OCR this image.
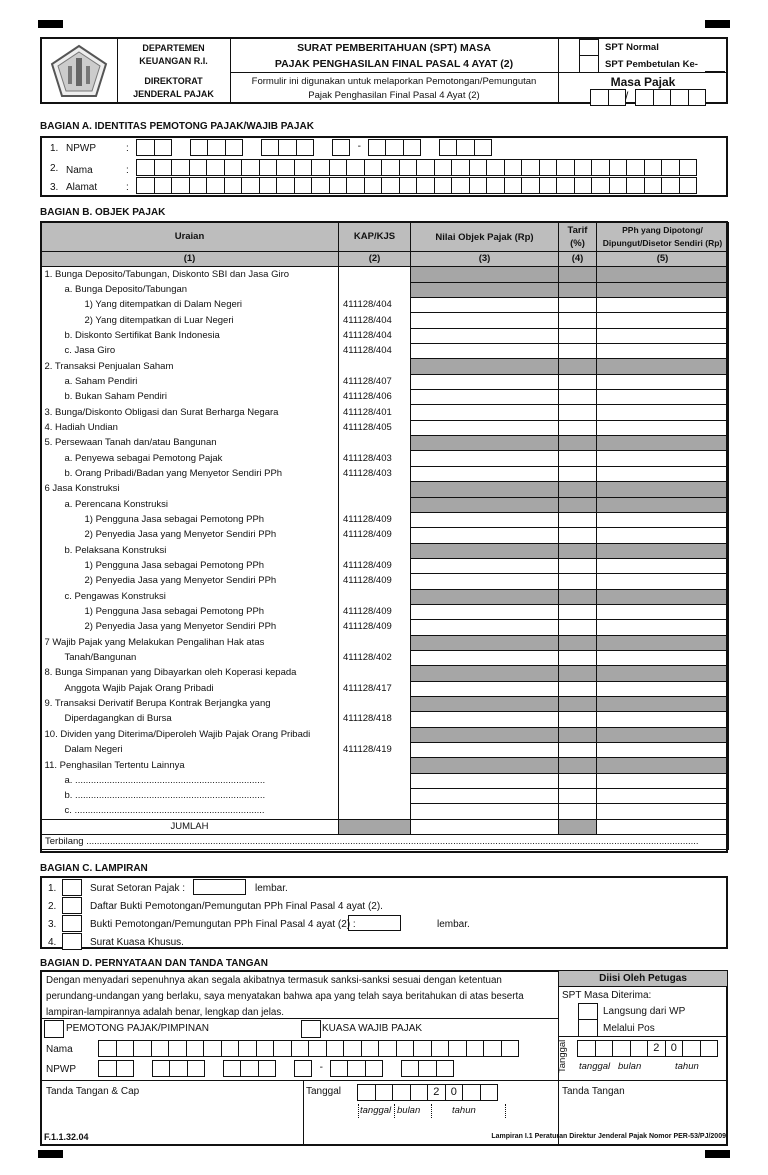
DEPARTEMEN
KEUANGAN R.I.
DIREKTORAT
JENDERAL PAJAK
SURAT PEMBERITAHUAN (SPT) MASA
PAJAK PENGHASILAN FINAL PASAL 4 AYAT (2)
Formulir ini digunakan untuk melaporkan Pemotongan/Pemungutan
Pajak Penghasilan Final Pasal 4 Ayat (2)
SPT Normal
SPT Pembetulan Ke-
Masa Pajak
/
BAGIAN A. IDENTITAS PEMOTONG PAJAK/WAJIB PAJAK
1. NPWP	:	-
2. Nama	:
3. Alamat	:
BAGIAN B. OBJEK PAJAK
Uraian	KAP/KJS	Nilai Objek Pajak (Rp)	Tarif (%)	PPh yang Dipotong/ Dipungut/Disetor Sendiri (Rp)
(1)	(2)	(3)	(4)	(5)
1. Bunga Deposito/Tabungan, Diskonto SBI dan Jasa Giro				
a. Bunga Deposito/Tabungan				
1) Yang ditempatkan di Dalam Negeri	411128/404			
2) Yang ditempatkan di Luar Negeri	411128/404			
b. Diskonto Sertifikat Bank Indonesia	411128/404			
c. Jasa Giro	411128/404			
2. Transaksi Penjualan Saham				
a. Saham Pendiri	411128/407			
b. Bukan Saham Pendiri	411128/406			
3. Bunga/Diskonto Obligasi dan Surat Berharga Negara	411128/401			
4. Hadiah Undian	411128/405			
5. Persewaan Tanah dan/atau Bangunan				
a. Penyewa sebagai Pemotong Pajak	411128/403			
b. Orang Pribadi/Badan yang Menyetor Sendiri PPh	411128/403			
6 Jasa Konstruksi				
a. Perencana Konstruksi				
1) Pengguna Jasa sebagai Pemotong PPh	411128/409			
2) Penyedia Jasa yang Menyetor Sendiri PPh	411128/409			
b. Pelaksana Konstruksi				
1) Pengguna Jasa sebagai Pemotong PPh	411128/409			
2) Penyedia Jasa yang Menyetor Sendiri PPh	411128/409			
c. Pengawas Konstruksi				
1) Pengguna Jasa sebagai Pemotong PPh	411128/409			
2) Penyedia Jasa yang Menyetor Sendiri PPh	411128/409			
7 Wajib Pajak yang Melakukan Pengalihan Hak atas				
Tanah/Bangunan	411128/402			
8. Bunga Simpanan yang Dibayarkan oleh Koperasi kepada				
Anggota Wajib Pajak Orang Pribadi	411128/417			
9. Transaksi Derivatif Berupa Kontrak Berjangka yang				
Diperdagangkan di Bursa	411128/418			
10. Dividen yang Diterima/Diperoleh Wajib Pajak Orang Pribadi				
Dalam Negeri	411128/419			
11. Penghasilan Tertentu Lainnya				
a. ........................................................................				
b. ........................................................................				
c. ........................................................................				
JUMLAH				
Terbilang ........................................................................................................................................................................................................................................				
BAGIAN C. LAMPIRAN
1.	Surat Setoran Pajak :	lembar.
2.	Daftar Bukti Pemotongan/Pemungutan PPh Final Pasal 4 ayat (2).
3.	Bukti Pemotongan/Pemungutan PPh Final Pasal 4 ayat (2) :	lembar.
4.	Surat Kuasa Khusus.
BAGIAN D. PERNYATAAN DAN TANDA TANGAN
Dengan menyadari sepenuhnya akan segala akibatnya termasuk sanksi-sanksi sesuai dengan ketentuan
perundang-undangan yang berlaku, saya menyatakan bahwa apa yang telah saya beritahukan di atas beserta
lampiran-lampirannya adalah benar, lengkap dan jelas.
PEMOTONG PAJAK/PIMPINAN	KUASA WAJIB PAJAK
Nama
NPWP	-
Tanda Tangan & Cap	Tanggal	2	0
tanggal bulan	tahun
Diisi Oleh Petugas
SPT Masa Diterima:
Langsung dari WP
Melalui Pos
Tanggal	2	0
tanggal bulan	tahun
Tanda Tangan
F.1.1.32.04	Lampiran I.1 Peraturan Direktur Jenderal Pajak Nomor PER-53/PJ/2009
